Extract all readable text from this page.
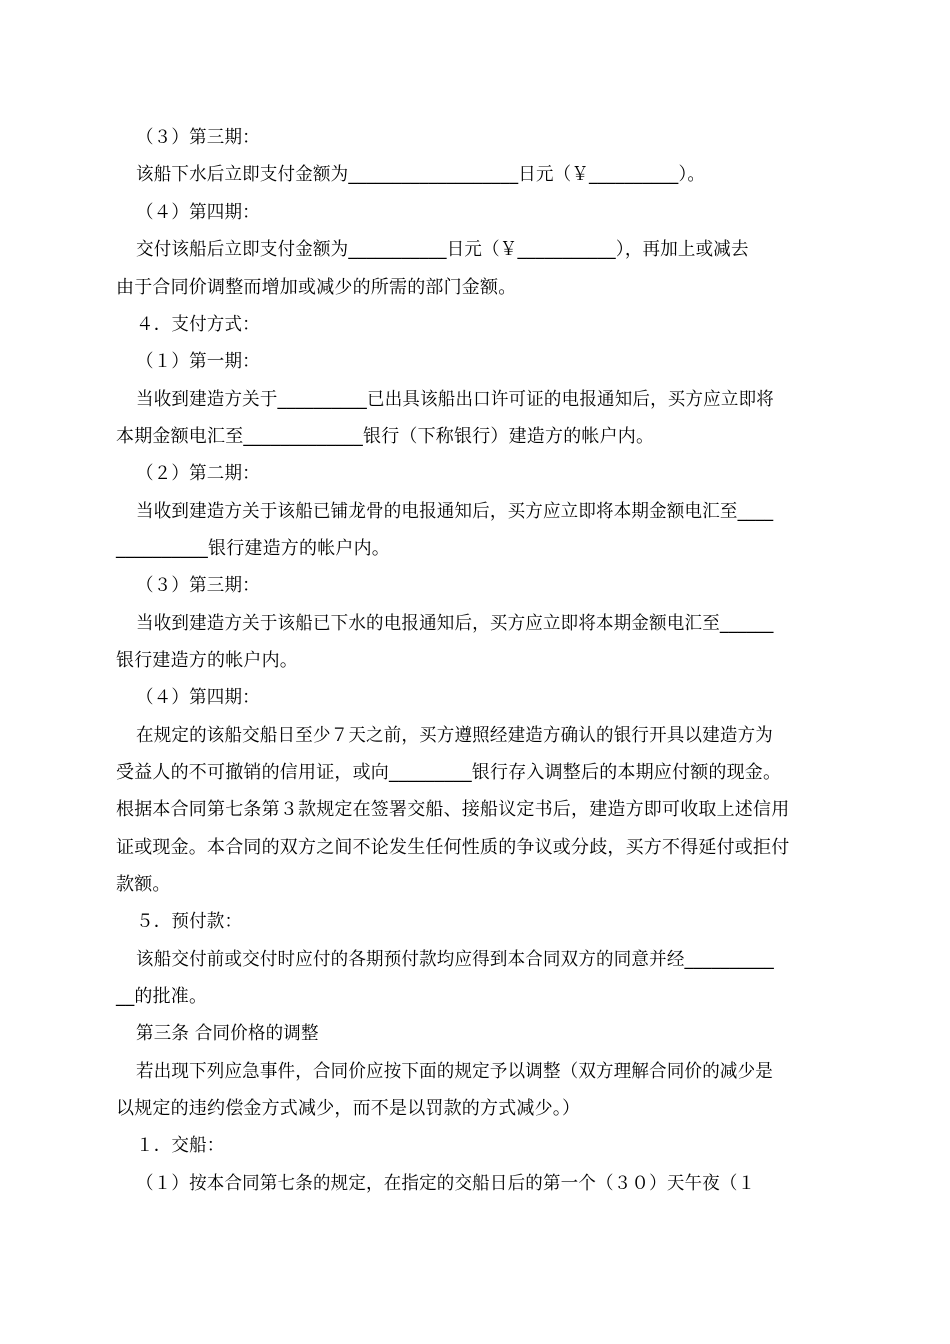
（３）第三期：
该船下水后立即支付金额为___________________日元（￥__________）。
（４）第四期：
交付该船后立即支付金额为___________日元（￥___________），再加上或减去
由于合同价调整而增加或减少的所需的部门金额。
４．支付方式：
（１）第一期：
当收到建造方关于__________已出具该船出口许可证的电报通知后，买方应立即将
本期金额电汇至_____________银行（下称银行）建造方的帐户内。
（２）第二期：
当收到建造方关于该船已铺龙骨的电报通知后，买方应立即将本期金额电汇至____
__________银行建造方的帐户内。
（３）第三期：
当收到建造方关于该船已下水的电报通知后，买方应立即将本期金额电汇至______
银行建造方的帐户内。
（４）第四期：
在规定的该船交船日至少７天之前，买方遵照经建造方确认的银行开具以建造方为
受益人的不可撤销的信用证，或向_________银行存入调整后的本期应付额的现金。
根据本合同第七条第３款规定在签署交船、接船议定书后，建造方即可收取上述信用
证或现金。本合同的双方之间不论发生任何性质的争议或分歧，买方不得延付或拒付
款额。
５．预付款：
该船交付前或交付时应付的各期预付款均应得到本合同双方的同意并经__________
__的批准。
第三条 合同价格的调整
若出现下列应急事件，合同价应按下面的规定予以调整（双方理解合同价的减少是
以规定的违约偿金方式减少，而不是以罚款的方式减少。）
１．交船：
（１）按本合同第七条的规定，在指定的交船日后的第一个（３０）天午夜（１
